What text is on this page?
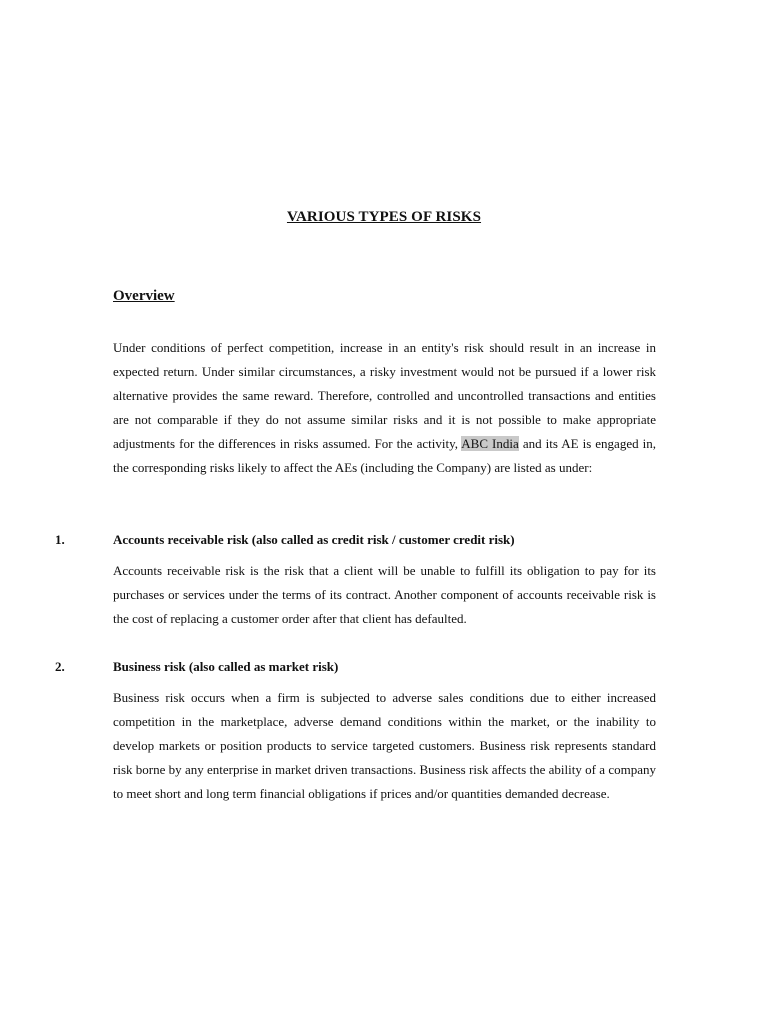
VARIOUS TYPES OF RISKS
Overview
Under conditions of perfect competition, increase in an entity's risk should result in an increase in expected return. Under similar circumstances, a risky investment would not be pursued if a lower risk alternative provides the same reward. Therefore, controlled and uncontrolled transactions and entities are not comparable if they do not assume similar risks and it is not possible to make appropriate adjustments for the differences in risks assumed. For the activity, ABC India and its AE is engaged in, the corresponding risks likely to affect the AEs (including the Company) are listed as under:
1.	Accounts receivable risk (also called as credit risk / customer credit risk)
Accounts receivable risk is the risk that a client will be unable to fulfill its obligation to pay for its purchases or services under the terms of its contract. Another component of accounts receivable risk is the cost of replacing a customer order after that client has defaulted.
2.	Business risk (also called as market risk)
Business risk occurs when a firm is subjected to adverse sales conditions due to either increased competition in the marketplace, adverse demand conditions within the market, or the inability to develop markets or position products to service targeted customers. Business risk represents standard risk borne by any enterprise in market driven transactions. Business risk affects the ability of a company to meet short and long term financial obligations if prices and/or quantities demanded decrease.
